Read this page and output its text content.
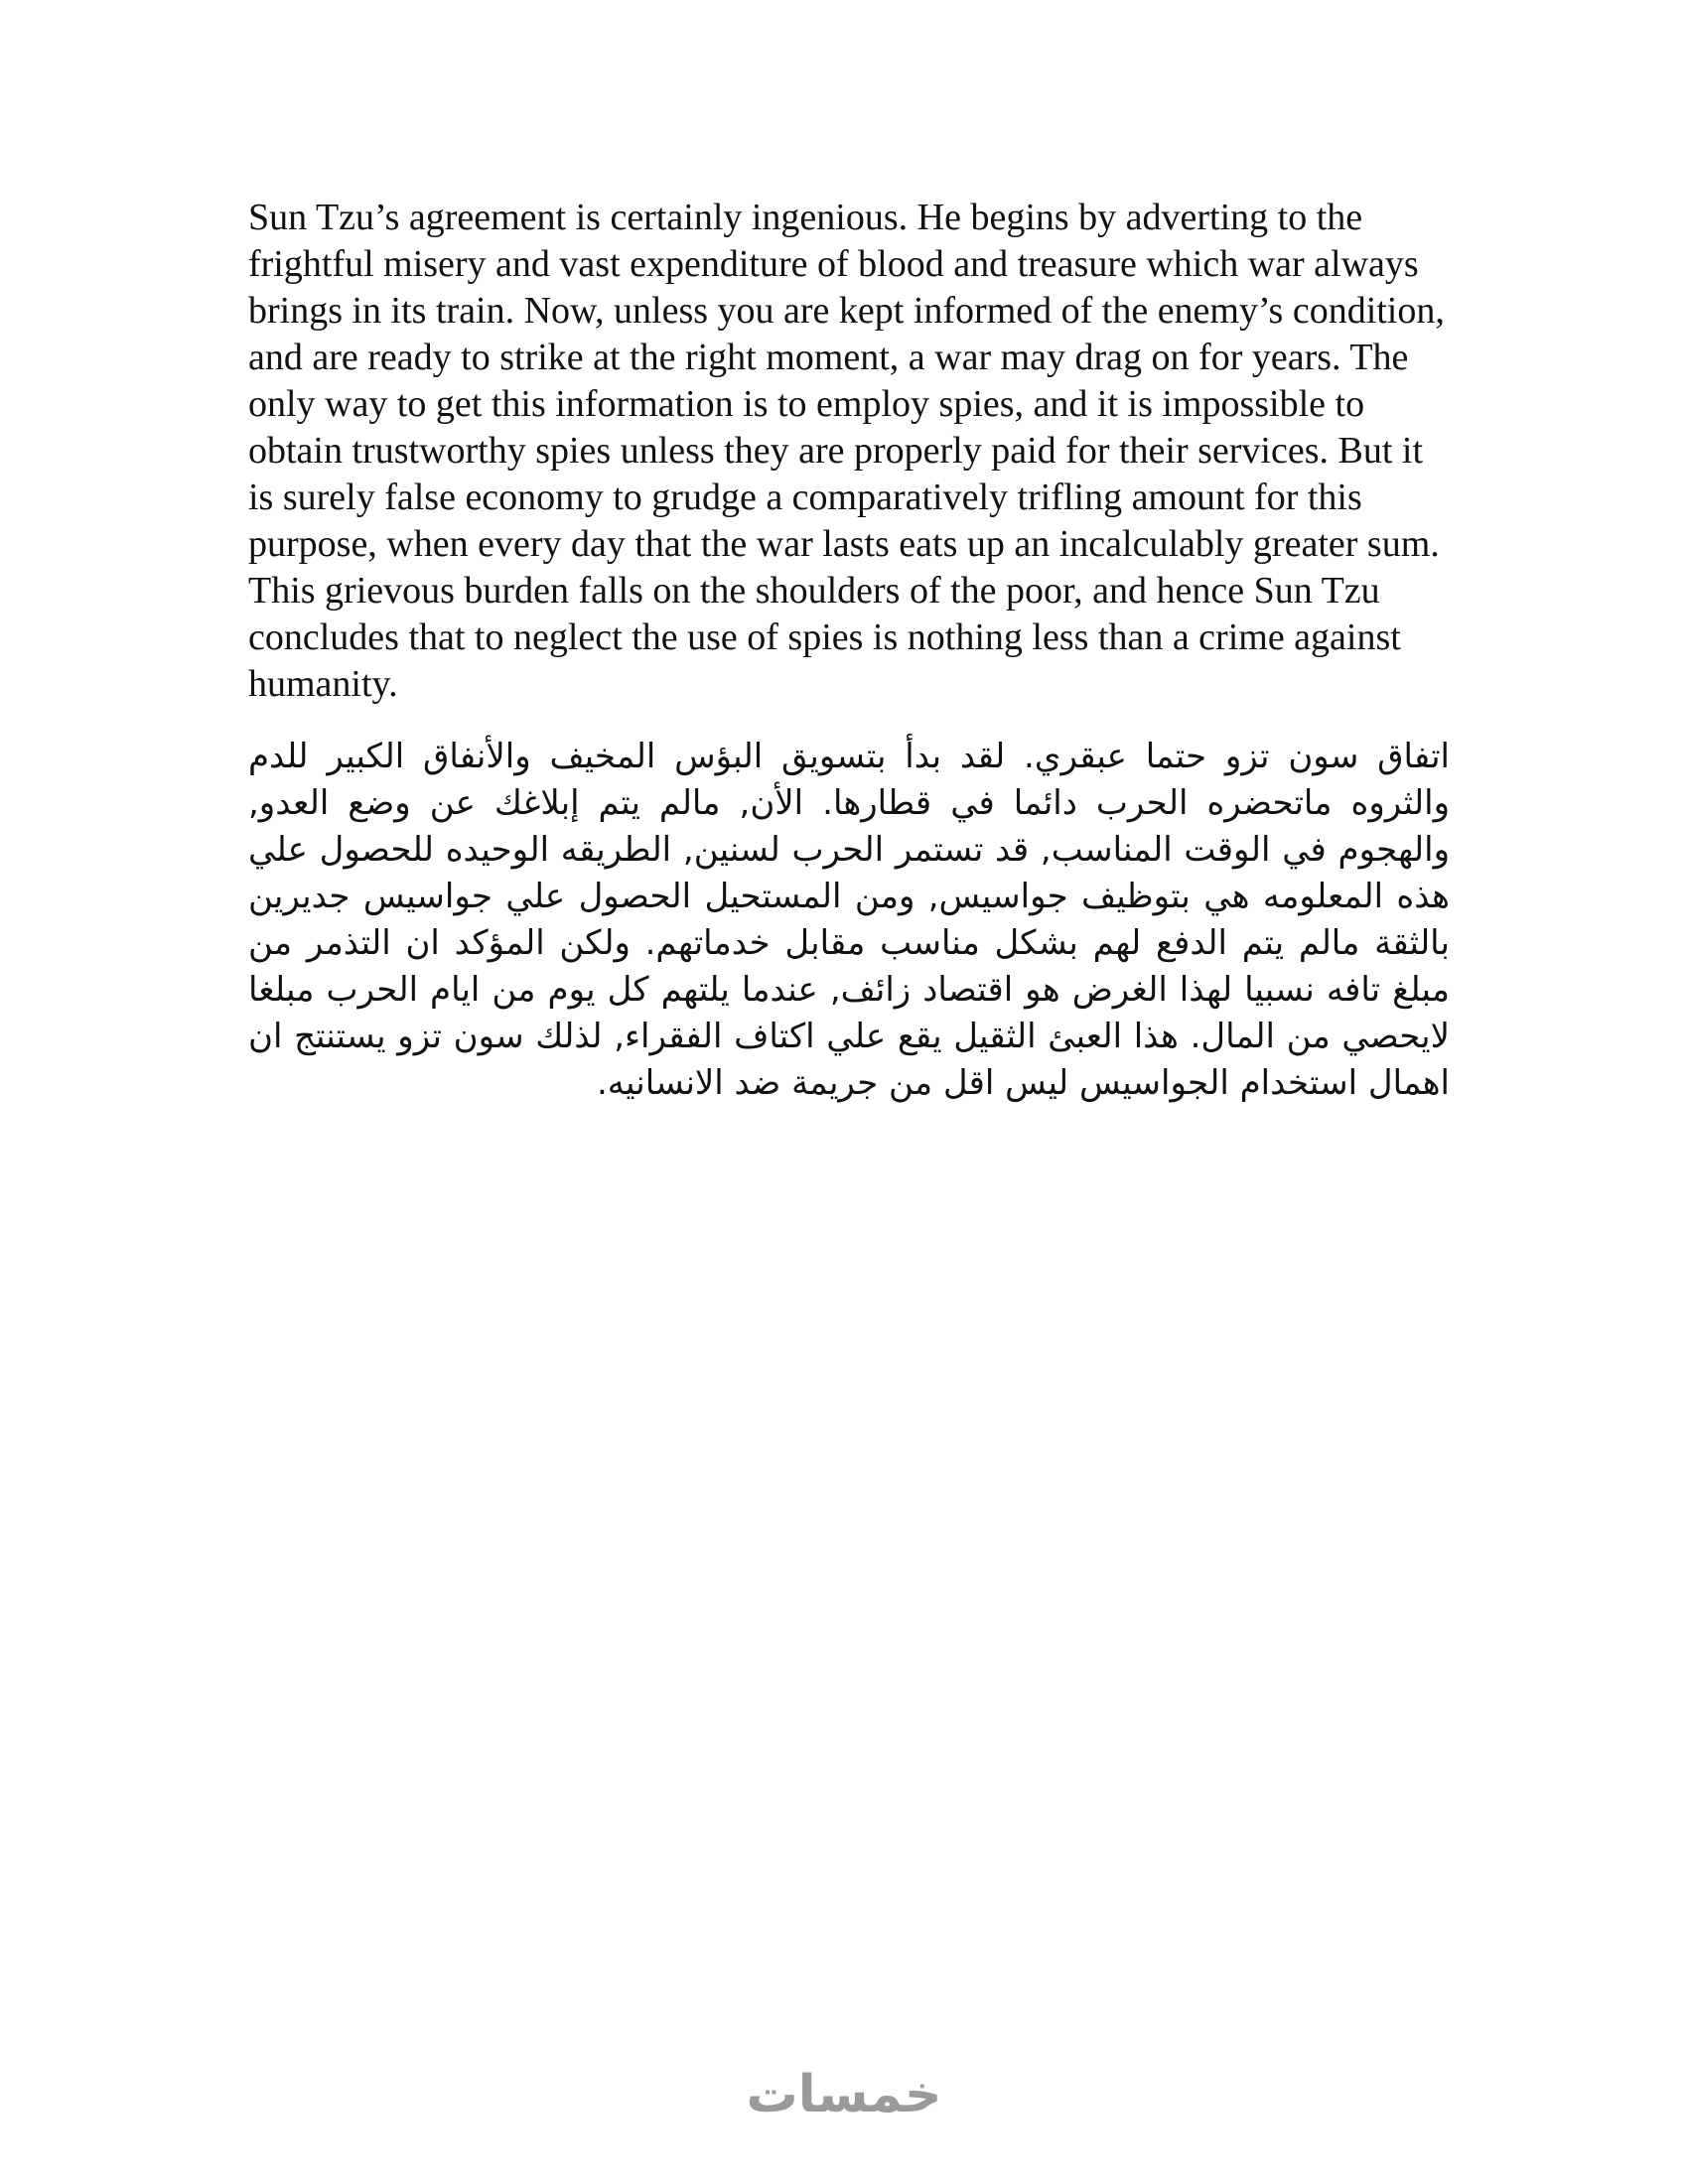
Sun Tzu’s agreement is certainly ingenious. He begins by adverting to the frightful misery and vast expenditure of blood and treasure which war always brings in its train. Now, unless you are kept informed of the enemy’s condition, and are ready to strike at the right moment, a war may drag on for years. The only way to get this information is to employ spies, and it is impossible to obtain trustworthy spies unless they are properly paid for their services. But it is surely false economy to grudge a comparatively trifling amount for this purpose, when every day that the war lasts eats up an incalculably greater sum. This grievous burden falls on the shoulders of the poor, and hence Sun Tzu concludes that to neglect the use of spies is nothing less than a crime against humanity.

اتفاق سون تزو حتما عبقري. لقد بدأ بتسويق البؤس المخيف والأنفاق الكبير للدم والثروه ماتحضره الحرب دائما في قطارها. الأن, مالم يتم إبلاغك عن وضع العدو, والهجوم في الوقت المناسب, قد تستمر الحرب لسنين, الطريقه الوحيده للحصول علي هذه المعلومه هي بتوظيف جواسيس, ومن المستحيل الحصول علي جواسيس جديرين بالثقة مالم يتم الدفع لهم بشكل مناسب مقابل خدماتهم. ولكن المؤكد ان التذمر من مبلغ تافه نسبيا لهذا الغرض هو اقتصاد زائف, عندما يلتهم كل يوم من ايام الحرب مبلغا لايحصي من المال. هذا العبئ الثقيل يقع علي اكتاف الفقراء, لذلك سون تزو يستنتج ان اهمال استخدام الجواسيس ليس اقل من جريمة ضد الانسانيه.

خمسات
